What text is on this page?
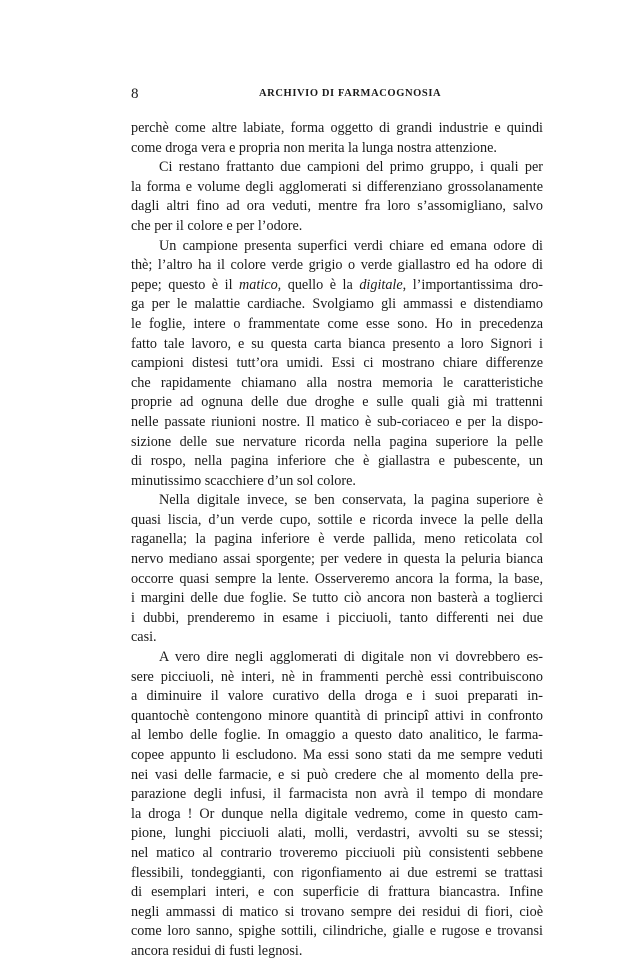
8	ARCHIVIO DI FARMACOGNOSIA
perchè come altre labiate, forma oggetto di grandi industrie e quindi
come droga vera e propria non merita la lunga nostra attenzione.
Ci restano frattanto due campioni del primo gruppo, i quali per
la forma e volume degli agglomerati si differenziano grossolanamente
dagli altri fino ad ora veduti, mentre fra loro s’assomigliano, salvo
che per il colore e per l’odore.
Un campione presenta superfici verdi chiare ed emana odore di
thè; l’altro ha il colore verde grigio o verde giallastro ed ha odore di
pepe; questo è il matico, quello è la digitale, l’importantissima dro-
ga per le malattie cardiache. Svolgiamo gli ammassi e distendiamo
le foglie, intere o frammentate come esse sono. Ho in precedenza
fatto tale lavoro, e su questa carta bianca presento a loro Signori i
campioni distesi tutt’ora umidi. Essi ci mostrano chiare differenze
che rapidamente chiamano alla nostra memoria le caratteristiche
proprie ad ognuna delle due droghe e sulle quali già mi trattenni
nelle passate riunioni nostre. Il matico è sub-coriaceo e per la dispo-
sizione delle sue nervature ricorda nella pagina superiore la pelle
di rospo, nella pagina inferiore che è giallastra e pubescente, un
minutissimo scacchiere d’un sol colore.
Nella digitale invece, se ben conservata, la pagina superiore è
quasi liscia, d’un verde cupo, sottile e ricorda invece la pelle della
raganella; la pagina inferiore è verde pallida, meno reticolata col
nervo mediano assai sporgente; per vedere in questa la peluria bianca
occorre quasi sempre la lente. Osserveremo ancora la forma, la base,
i margini delle due foglie. Se tutto ciò ancora non basterà a toglierci
i dubbi, prenderemo in esame i picciuoli, tanto differenti nei due
casi.
A vero dire negli agglomerati di digitale non vi dovrebbero es-
sere picciuoli, nè interi, nè in frammenti perchè essi contribuiscono
a diminuire il valore curativo della droga e i suoi preparati in-
quantochè contengono minore quantità di principî attivi in confronto
al lembo delle foglie. In omaggio a questo dato analitico, le farma-
copee appunto li escludono. Ma essi sono stati da me sempre veduti
nei vasi delle farmacie, e si può credere che al momento della pre-
parazione degli infusi, il farmacista non avrà il tempo di mondare
la droga ! Or dunque nella digitale vedremo, come in questo cam-
pione, lunghi picciuoli alati, molli, verdastri, avvolti su se stessi;
nel matico al contrario troveremo picciuoli più consistenti sebbene
flessibili, tondeggianti, con rigonfiamento ai due estremi se trattasi
di esemplari interi, e con superficie di frattura biancastra. Infine
negli ammassi di matico si trovano sempre dei residui di fiori, cioè
come loro sanno, spighe sottili, cilindriche, gialle e rugose e trovansi
ancora residui di fusti legnosi.
